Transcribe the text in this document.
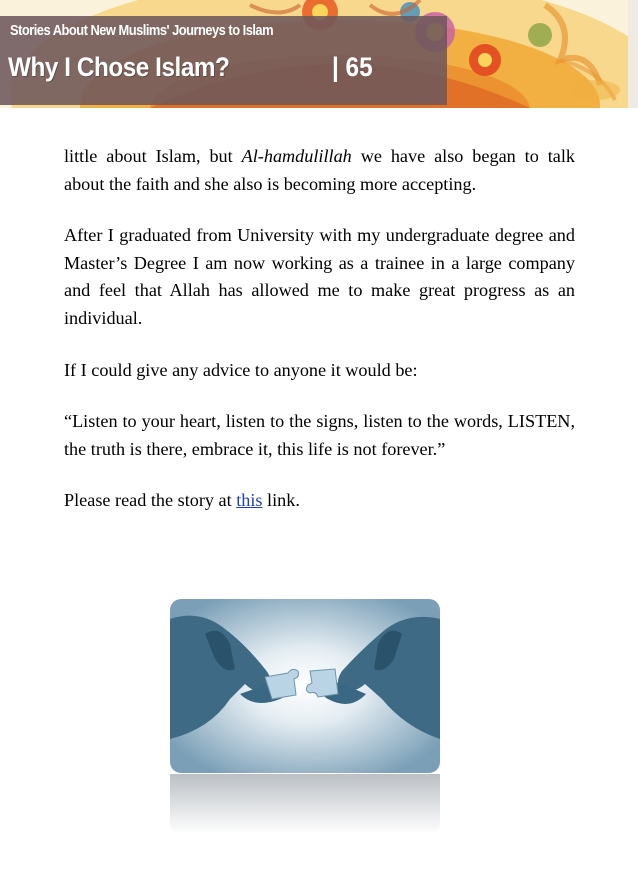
Stories About New Muslims' Journeys to Islam
Why I Chose Islam?	| 65

little about Islam, but Al-hamdulillah we have also began to talk about the faith and she also is becoming more accepting.

After I graduated from University with my undergraduate degree and Master’s Degree I am now working as a trainee in a large company and feel that Allah has allowed me to make great progress as an individual.

If I could give any advice to anyone it would be:

“Listen to your heart, listen to the signs, listen to the words, LISTEN, the truth is there, embrace it, this life is not forever.”

Please read the story at this link.
